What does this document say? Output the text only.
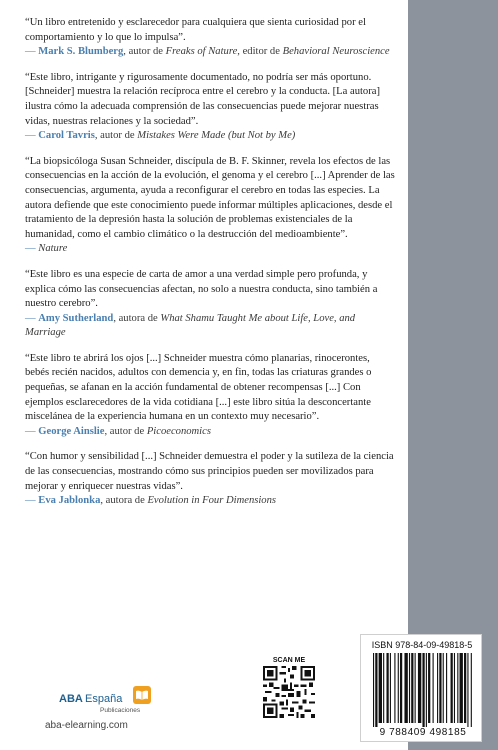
“Un libro entretenido y esclarecedor para cualquiera que sienta curiosidad por el comportamiento y lo que lo impulsa”.

— Mark S. Blumberg, autor de Freaks of Nature, editor de Behavioral Neuroscience

“Este libro, intrigante y rigurosamente documentado, no podría ser más oportuno. [Schneider] muestra la relación recíproca entre el cerebro y la conducta. [La autora] ilustra cómo la adecuada comprensión de las consecuencias puede mejorar nuestras vidas, nuestras relaciones y la sociedad”.

— Carol Tavris, autor de Mistakes Were Made (but Not by Me)

“La biopsicóloga Susan Schneider, discípula de B. F. Skinner, revela los efectos de las consecuencias en la acción de la evolución, el genoma y el cerebro [...] Aprender de las consecuencias, argumenta, ayuda a reconfigurar el cerebro en todas las especies. La autora defiende que este conocimiento puede informar múltiples aplicaciones, desde el tratamiento de la depresión hasta la solución de problemas existenciales de la humanidad, como el cambio climático o la destrucción del medioambiente”.

— Nature

“Este libro es una especie de carta de amor a una verdad simple pero profunda, y explica cómo las consecuencias afectan, no solo a nuestra conducta, sino también a nuestro cerebro”.

— Amy Sutherland, autora de What Shamu Taught Me about Life, Love, and Marriage

“Este libro te abrirá los ojos [...] Schneider muestra cómo planarias, rinocerontes, bebés recién nacidos, adultos con demencia y, en fin, todas las criaturas grandes o pequeñas, se afanan en la acción fundamental de obtener recompensas [...] Con ejemplos esclarecedores de la vida cotidiana [...] este libro sitúa la desconcertante miscelánea de la experiencia humana en un contexto muy necesario”.

— George Ainslie, autor de Picoeconomics

“Con humor y sensibilidad [...] Schneider demuestra el poder y la sutileza de la ciencia de las consecuencias, mostrando cómo sus principios pueden ser movilizados para mejorar y enriquecer nuestras vidas”.

— Eva Jablonka, autora de Evolution in Four Dimensions

ABA España
Publicaciones
aba-elearning.com
SCAN ME
ISBN 978-84-09-49818-5
9 788409 498185
